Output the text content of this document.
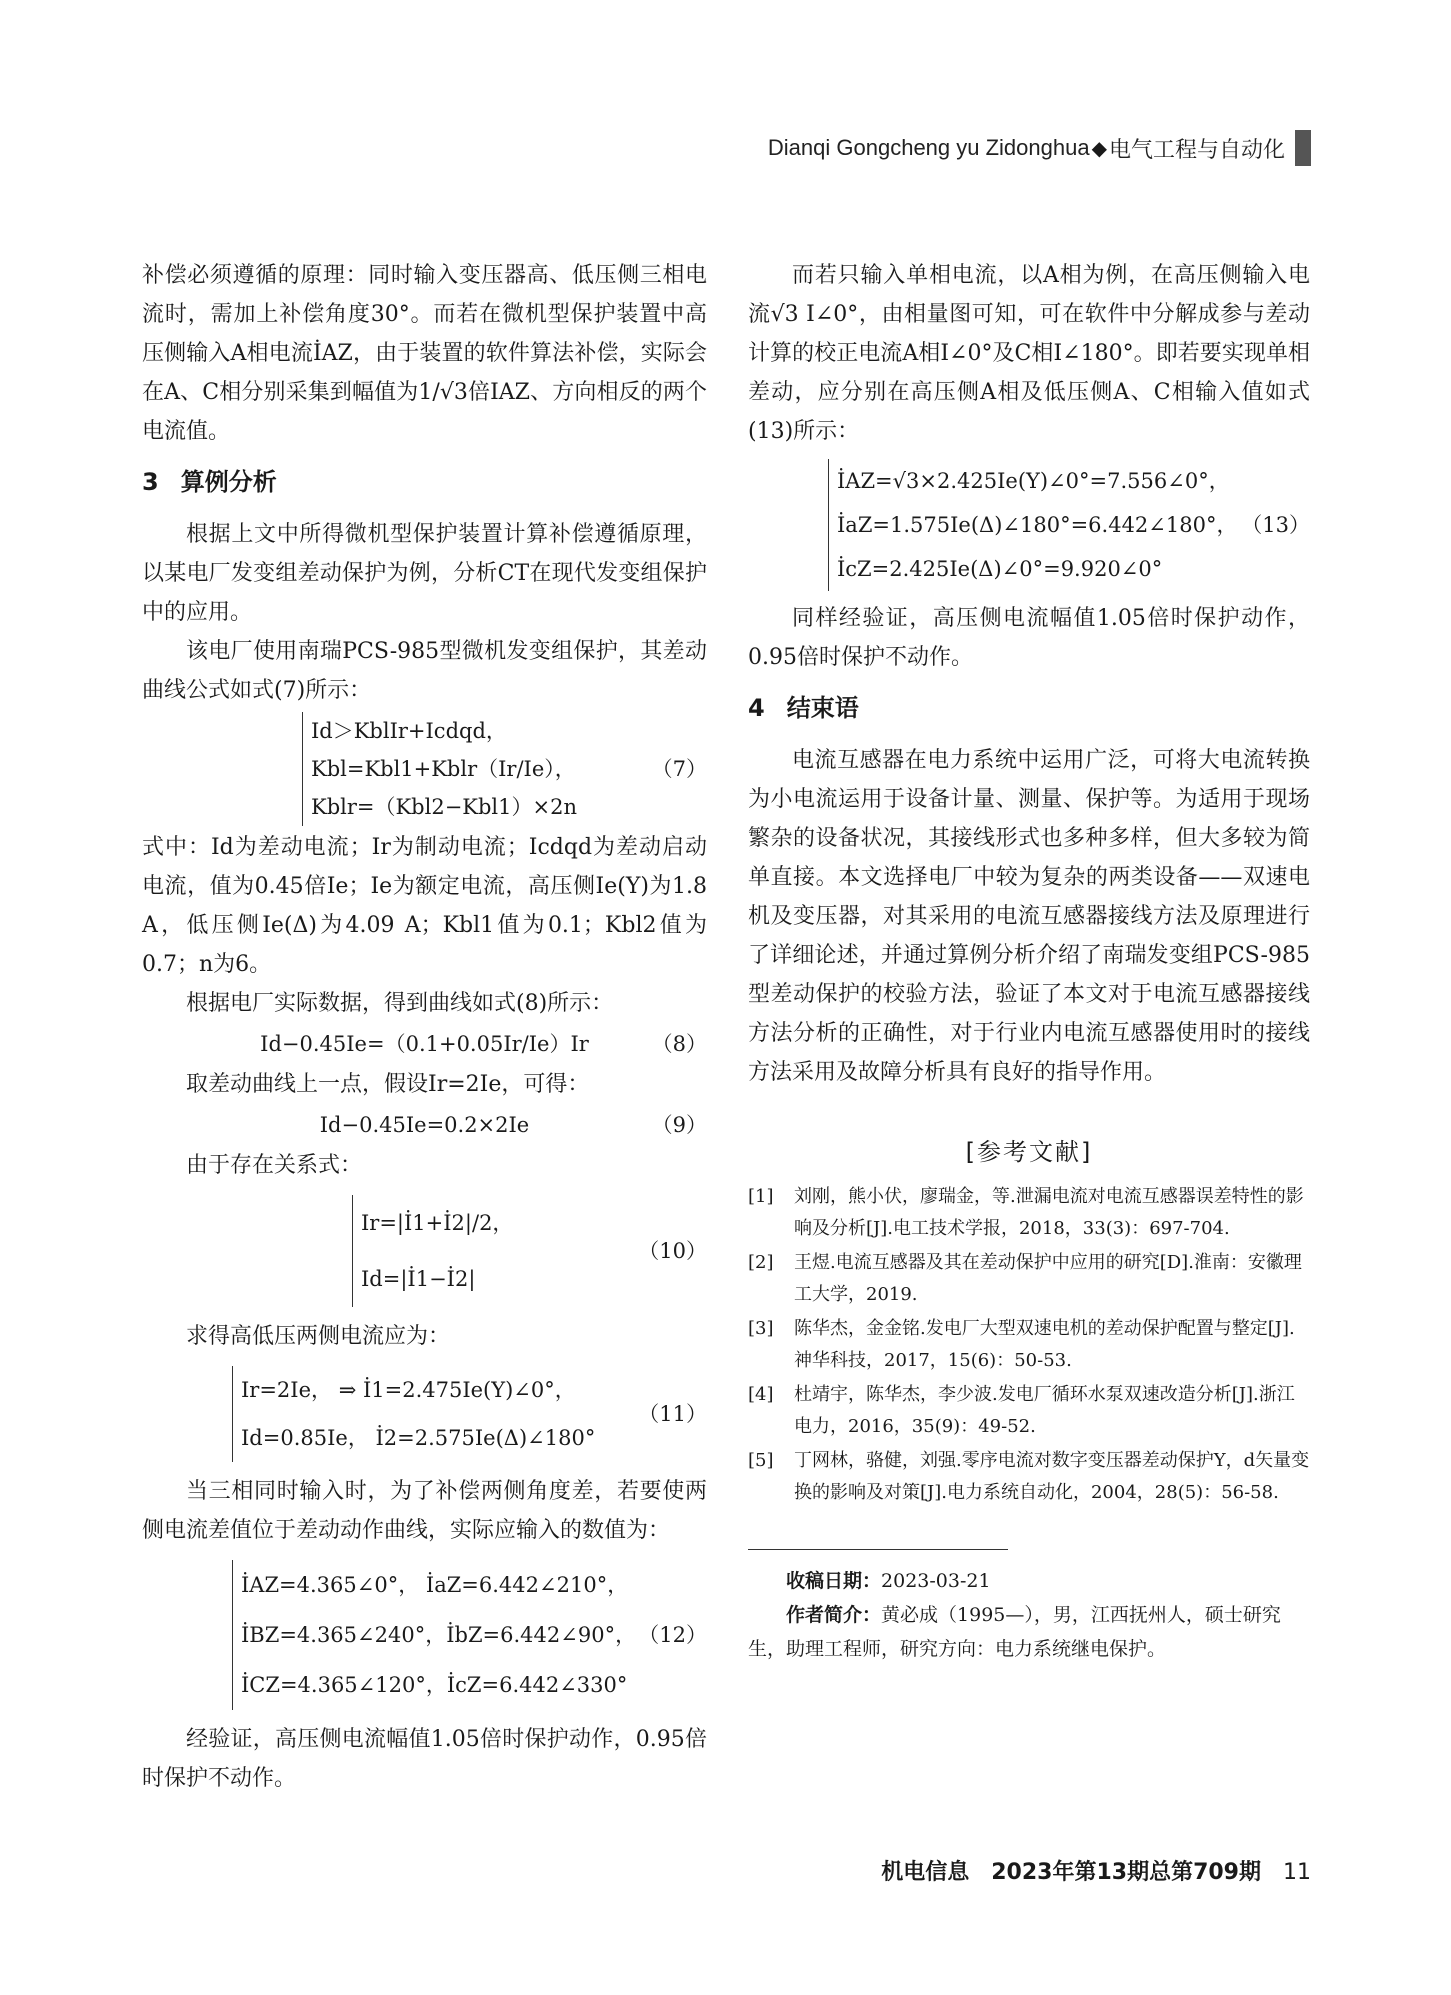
Dianqi Gongcheng yu Zidonghua ◆ 电气工程与自动化

补偿必须遵循的原理：同时输入变压器高、低压侧三相电流时，需加上补偿角度30°。而若在微机型保护装置中高压侧输入A相电流İAZ，由于装置的软件算法补偿，实际会在A、C相分别采集到幅值为1/√3倍IAZ、方向相反的两个电流值。

3 算例分析

根据上文中所得微机型保护装置计算补偿遵循原理，以某电厂发变组差动保护为例，分析CT在现代发变组保护中的应用。

该电厂使用南瑞PCS-985型微机发变组保护，其差动曲线公式如式(7)所示：

Id＞KblIr+Icdqd，
Kbl=Kbl1+Kblr（Ir/Ie），
Kblr=（Kbl2−Kbl1）×2n
（7）

式中：Id为差动电流；Ir为制动电流；Icdqd为差动启动电流，值为0.45倍Ie；Ie为额定电流，高压侧Ie(Y)为1.8 A，低压侧Ie(Δ)为4.09 A；Kbl1值为0.1；Kbl2值为0.7；n为6。

根据电厂实际数据，得到曲线如式(8)所示：

Id−0.45Ie=（0.1+0.05Ir/Ie）Ir	（8）

取差动曲线上一点，假设Ir=2Ie，可得：

Id−0.45Ie=0.2×2Ie	（9）

由于存在关系式：

Ir=|İ1+İ2|/2，
Id=|İ1−İ2|
（10）

求得高低压两侧电流应为：

Ir=2Ie， ⇒ İ1=2.475Ie(Y)∠0°，
Id=0.85Ie， İ2=2.575Ie(Δ)∠180°
（11）

当三相同时输入时，为了补偿两侧角度差，若要使两侧电流差值位于差动动作曲线，实际应输入的数值为：

İAZ=4.365∠0°， İaZ=6.442∠210°，
İBZ=4.365∠240°，İbZ=6.442∠90°，
İCZ=4.365∠120°，İcZ=6.442∠330°
（12）

经验证，高压侧电流幅值1.05倍时保护动作，0.95倍时保护不动作。

而若只输入单相电流，以A相为例，在高压侧输入电流√3 I∠0°，由相量图可知，可在软件中分解成参与差动计算的校正电流A相I∠0°及C相I∠180°。即若要实现单相差动，应分别在高压侧A相及低压侧A、C相输入值如式(13)所示：

İAZ=√3×2.425Ie(Y)∠0°=7.556∠0°，
İaZ=1.575Ie(Δ)∠180°=6.442∠180°，
İcZ=2.425Ie(Δ)∠0°=9.920∠0°
（13）

同样经验证，高压侧电流幅值1.05倍时保护动作，0.95倍时保护不动作。

4 结束语

电流互感器在电力系统中运用广泛，可将大电流转换为小电流运用于设备计量、测量、保护等。为适用于现场繁杂的设备状况，其接线形式也多种多样，但大多较为简单直接。本文选择电厂中较为复杂的两类设备——双速电机及变压器，对其采用的电流互感器接线方法及原理进行了详细论述，并通过算例分析介绍了南瑞发变组PCS-985型差动保护的校验方法，验证了本文对于电流互感器接线方法分析的正确性，对于行业内电流互感器使用时的接线方法采用及故障分析具有良好的指导作用。

[参考文献]
[1] 刘刚，熊小伏，廖瑞金，等.泄漏电流对电流互感器误差特性的影响及分析[J].电工技术学报，2018，33(3)：697-704.
[2] 王煜.电流互感器及其在差动保护中应用的研究[D].淮南：安徽理工大学，2019.
[3] 陈华杰，金金铭.发电厂大型双速电机的差动保护配置与整定[J].神华科技，2017，15(6)：50-53.
[4] 杜靖宇，陈华杰，李少波.发电厂循环水泵双速改造分析[J].浙江电力，2016，35(9)：49-52.
[5] 丁网林，骆健，刘强.零序电流对数字变压器差动保护Y，d矢量变换的影响及对策[J].电力系统自动化，2004，28(5)：56-58.
收稿日期：2023-03-21
作者简介：黄必成（1995—），男，江西抚州人，硕士研究生，助理工程师，研究方向：电力系统继电保护。
机电信息　2023年第13期总第709期 11
